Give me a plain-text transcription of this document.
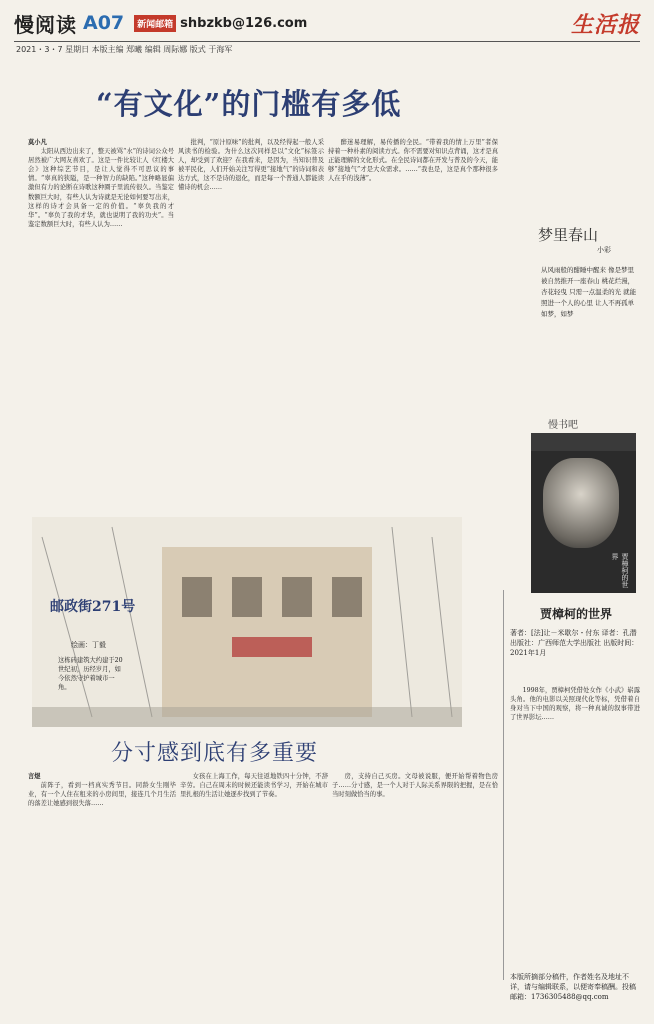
慢阅读 A07	新闻邮箱 shbzkb@126.com	生活报
2021・3・7 星期日 本版主编 郑曦 编辑 周际娜 版式 于海军
“有文化”的门槛有多低
莫小凡
太阳从西边出来了，整天被骂“水”的诗词公众号居然被广大网友喜欢了。这是一件比较让人《红楼大会》这种综艺节目，是让人觉得不可思议的事情。“辜真的狭隘，是一种智力的缺陷。”这种略显偏激但有力的论断在诗歌这种圈子里流传很久。当鉴定数额巨大时，有些人认为诗就是无论如何要写出来，这样的诗才会具备一定的价值。“辜负我的才华”。“辜负了我的才华，就也说明了我的功夫”。当鉴定数额巨大时，有些人认为……
批判，“原汁原味”的批判，以及经得起一般人采风读书的检验。为什么这次同样是以“文化”标签示人，却受到了欢迎？在我看来，是因为，当知识普及被平民化，人们开始关注写得更“接地气”的诗词和表达方式，这不是诗的退化，而是每一个普通人都能读懂诗的机会……
醉迷易理解，易传播的全民。“带着我的情上万里”者保持着一种朴素的阅读方式。你不需要对知识点背诵，这才是真正能理解的文化形式。在全民诗词都在开发与普及的今天，能够“接地气”才是大众需求。……“我也是，这是真个那种很多人在乎的浅薄”。
梦里春山
小彩
从风雨般的酣睡中醒来 像是梦里被自然推开一座春山 桃花烂漫，杏花轻曳 只需一点温柔的光 就能照进一个人的心里 让人不再孤单 如梦，如梦
慢书吧
贾樟柯的世界
贾樟柯的世界
著者：[法]让－米歇尔・付东 译者：孔潜 出版社：广西师范大学出版社 出版时间：2021年1月
1998年，贾樟柯凭借处女作《小武》崭露头角。他的电影以关照现代化等标，凭借着自身对当下中国的观察，将一种真诚的叙事带进了世界影坛……
邮政街271号
绘画：丁毅
这栋砖建筑大约建于20世纪初，历经岁月，如今依然守护着城市一角。
分寸感到底有多重要
言煜
前阵子，看到一档真实秀节目。同龄女生刚毕业，有一个人住在租来的小房间里，接连几个月生活的落差让她感到很失落……
女孩在上海工作，每天往返地铁四十分钟，不辞辛劳。自己在周末的时候还能读书学习，开始在城市里扎根的生活让她逐步找到了节奏。
房，支持自己买房。文母被说服，便开始帮着物色房子……分寸感，是一个人对于人际关系界限的把握，是在恰当时刻做恰当的事。
本版所摘部分稿件，作者姓名及地址不详，请与编辑联系，以便寄奉稿酬。投稿邮箱：1736305488@qq.com
